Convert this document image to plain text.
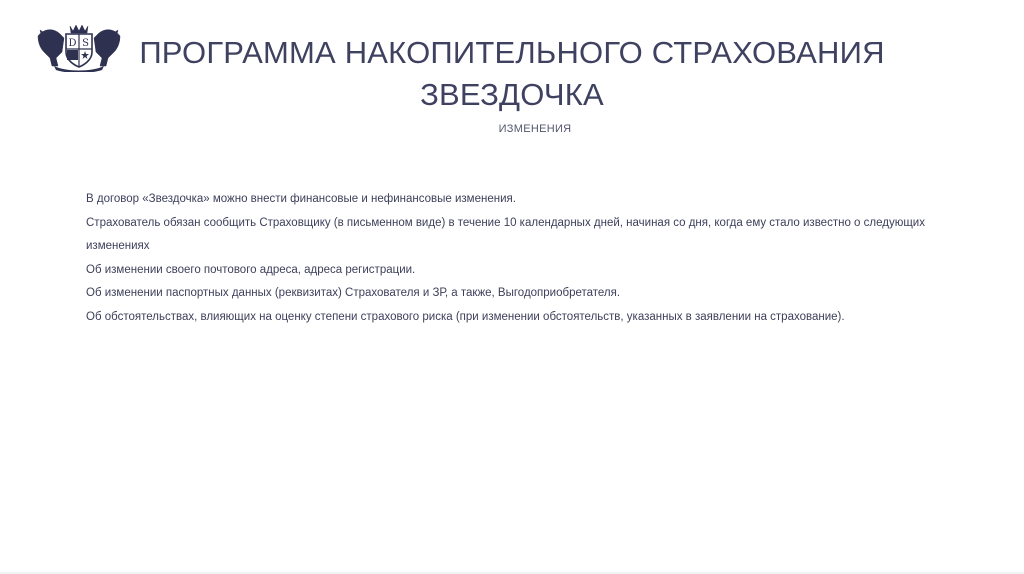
D S	ПРОГРАММА НАКОПИТЕЛЬНОГО СТРАХОВАНИЯ
ЗВЕЗДОЧКА
ИЗМЕНЕНИЯ

В договор «Звездочка» можно внести финансовые и нефинансовые изменения.

Страхователь обязан сообщить Страховщику (в письменном виде) в течение 10 календарных дней, начиная со дня, когда ему стало известно о следующих изменениях

Об изменении своего почтового адреса, адреса регистрации.

Об изменении паспортных данных (реквизитах) Страхователя и ЗР, а также, Выгодоприобретателя.

Об обстоятельствах, влияющих на оценку степени страхового риска (при изменении обстоятельств, указанных в заявлении на страхование).
